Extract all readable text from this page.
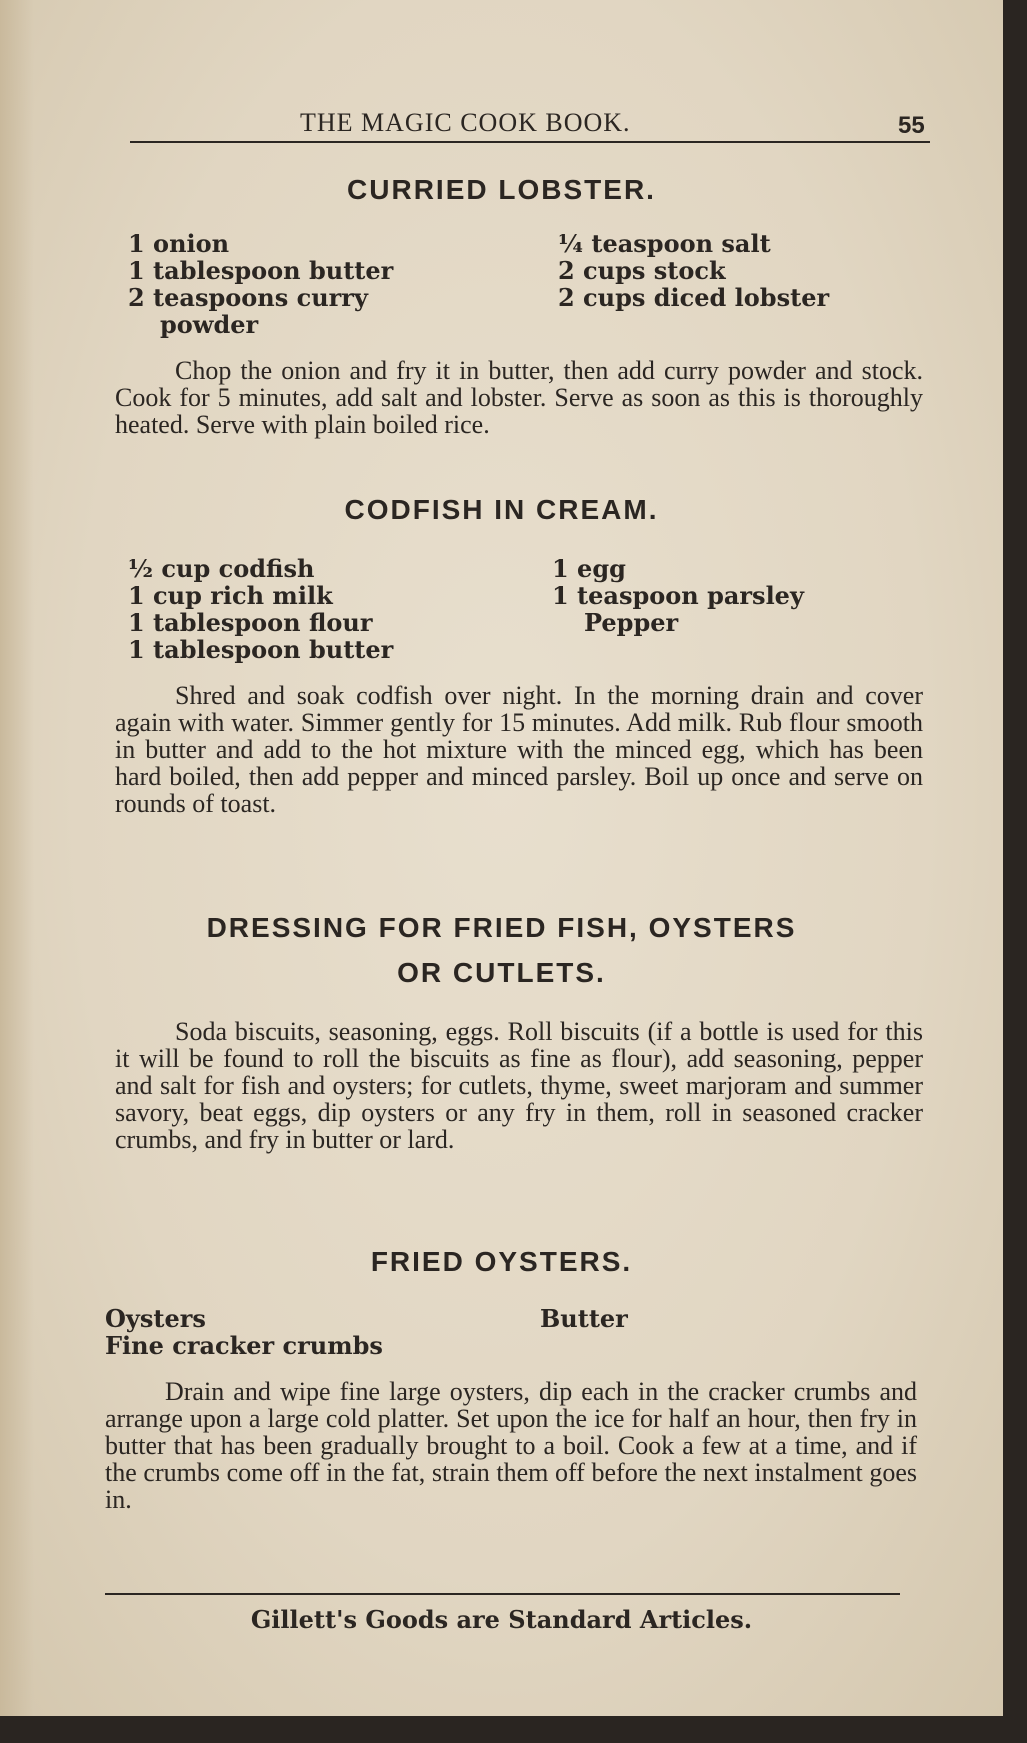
THE MAGIC COOK BOOK.	55
CURRIED LOBSTER.
1 onion
1 tablespoon butter
2 teaspoons curry
powder
¼ teaspoon salt
2 cups stock
2 cups diced lobster

Chop the onion and fry it in butter, then add curry powder and stock. Cook for 5 minutes, add salt and lobster. Serve as soon as this is thoroughly heated. Serve with plain boiled rice.

CODFISH IN CREAM.
½ cup codfish
1 cup rich milk
1 tablespoon flour
1 tablespoon butter
1 egg
1 teaspoon parsley
Pepper

Shred and soak codfish over night. In the morning drain and cover again with water. Simmer gently for 15 minutes. Add milk. Rub flour smooth in butter and add to the hot mixture with the minced egg, which has been hard boiled, then add pepper and minced parsley. Boil up once and serve on rounds of toast.

DRESSING FOR FRIED FISH, OYSTERS
OR CUTLETS.

Soda biscuits, seasoning, eggs. Roll biscuits (if a bottle is used for this it will be found to roll the biscuits as fine as flour), add seasoning, pepper and salt for fish and oysters; for cutlets, thyme, sweet marjoram and summer savory, beat eggs, dip oysters or any fry in them, roll in seasoned cracker crumbs, and fry in butter or lard.

FRIED OYSTERS.
Oysters
Fine cracker crumbs
Butter

Drain and wipe fine large oysters, dip each in the cracker crumbs and arrange upon a large cold platter. Set upon the ice for half an hour, then fry in butter that has been gradually brought to a boil. Cook a few at a time, and if the crumbs come off in the fat, strain them off before the next instalment goes in.

Gillett's Goods are Standard Articles.
